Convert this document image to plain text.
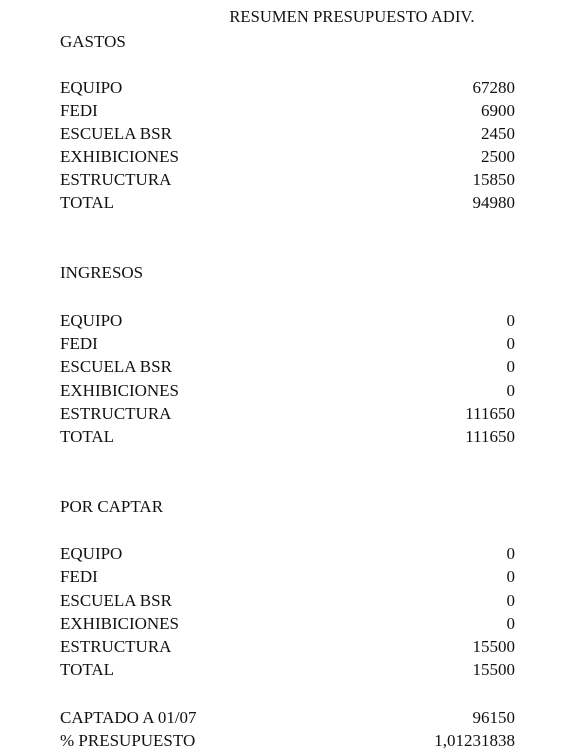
RESUMEN PRESUPUESTO ADIV.
GASTOS
EQUIPO	67280
FEDI	6900
ESCUELA BSR	2450
EXHIBICIONES	2500
ESTRUCTURA	15850
TOTAL	94980
INGRESOS
EQUIPO	0
FEDI	0
ESCUELA BSR	0
EXHIBICIONES	0
ESTRUCTURA	111650
TOTAL	111650
POR CAPTAR
EQUIPO	0
FEDI	0
ESCUELA BSR	0
EXHIBICIONES	0
ESTRUCTURA	15500
TOTAL	15500
CAPTADO A 01/07	96150
% PRESUPUESTO	1,01231838
